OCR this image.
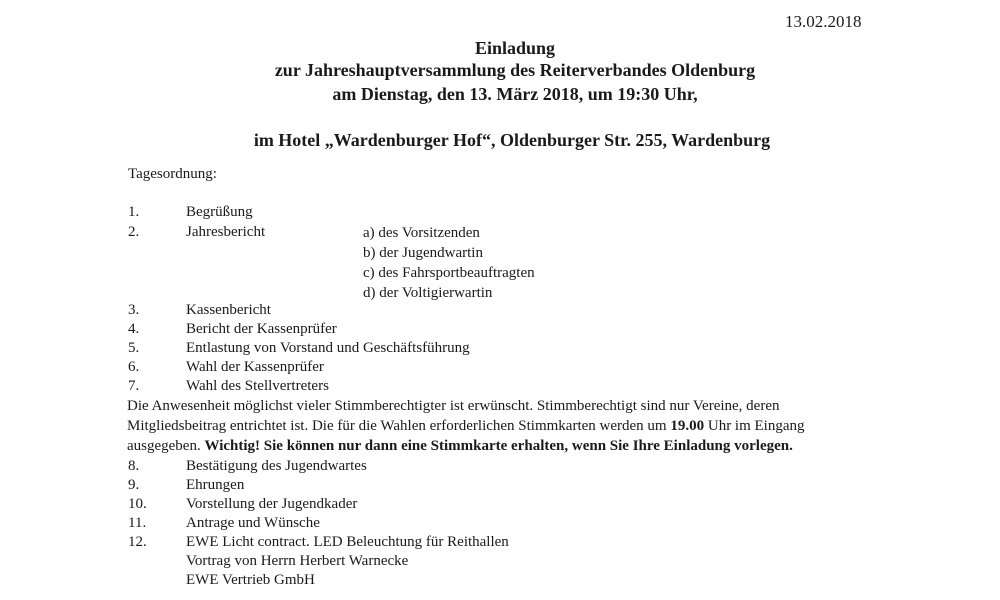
13.02.2018
Einladung
zur Jahreshauptversammlung des Reiterverbandes Oldenburg
am Dienstag, den 13. März 2018, um 19:30 Uhr,
im Hotel „Wardenburger Hof“, Oldenburger Str. 255, Wardenburg
Tagesordnung:
1.	Begrüßung
2.	Jahresbericht	a) des Vorsitzenden
b) der Jugendwartin
c) des Fahrsportbeauftragten
d) der Voltigierwartin
3.	Kassenbericht
4.	Bericht der Kassenprüfer
5.	Entlastung von Vorstand und Geschäftsführung
6.	Wahl der Kassenprüfer
7.	Wahl des Stellvertreters
Die Anwesenheit möglichst vieler Stimmberechtigter ist erwünscht. Stimmberechtigt sind nur Vereine, deren
Mitgliedsbeitrag entrichtet ist. Die für die Wahlen erforderlichen Stimmkarten werden um 19.00 Uhr im Eingang
ausgegeben. Wichtig! Sie können nur dann eine Stimmkarte erhalten, wenn Sie Ihre Einladung vorlegen.
8.	Bestätigung des Jugendwartes
9.	Ehrungen
10.	Vorstellung der Jugendkader
11.	Antrage und Wünsche
12.	EWE Licht contract. LED Beleuchtung für Reithallen
Vortrag von Herrn Herbert Warnecke
EWE Vertrieb GmbH
